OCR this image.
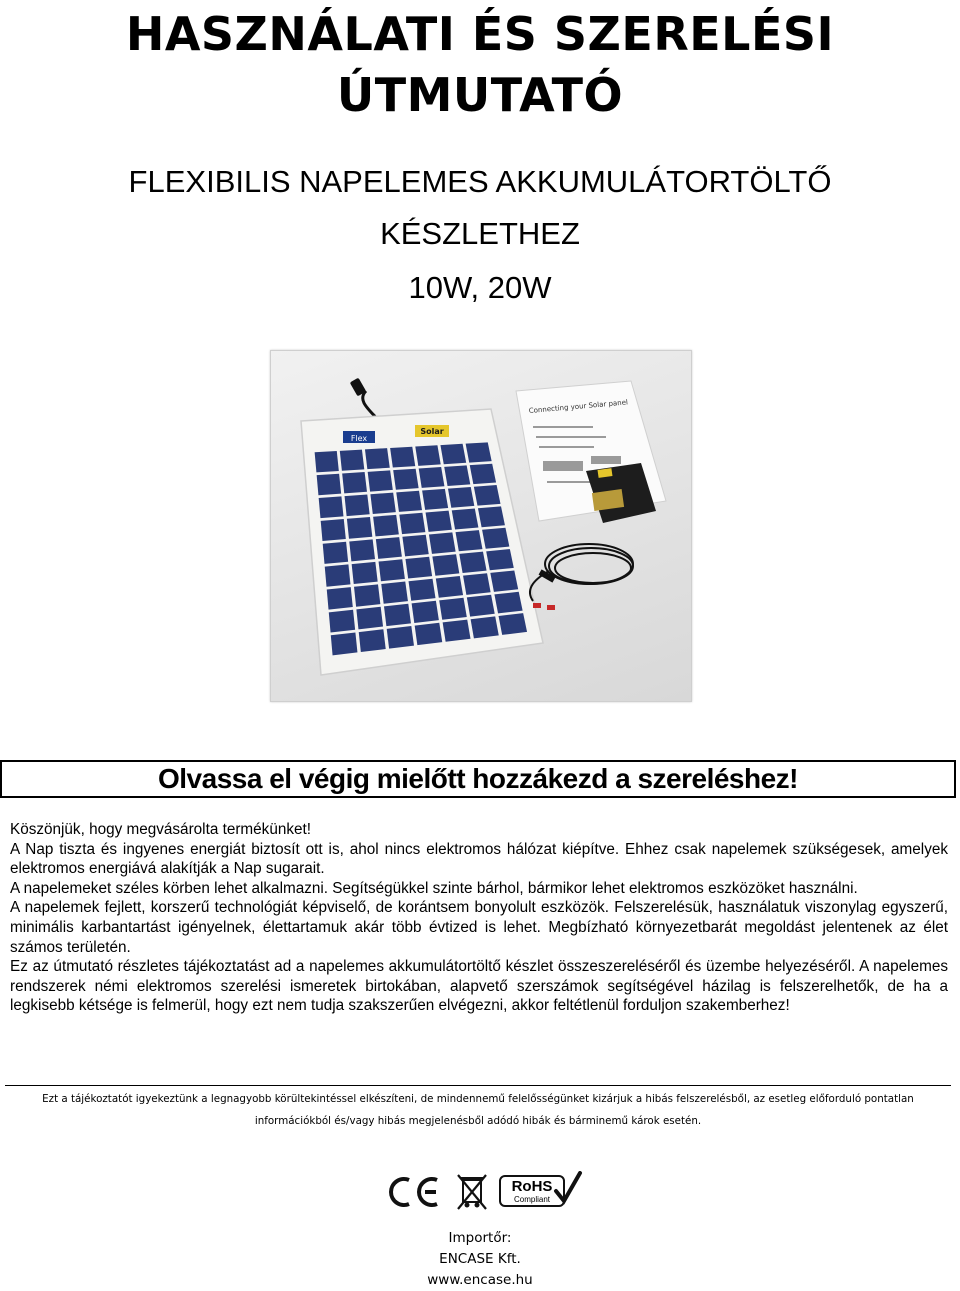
HASZNÁLATI ÉS SZERELÉSI
ÚTMUTATÓ
FLEXIBILIS NAPELEMES AKKUMULÁTORTÖLTŐ
KÉSZLETHEZ
10W, 20W
Flex
Solar
Connecting your Solar panel
Olvassa el végig mielőtt hozzákezd a szereléshez!

Köszönjük, hogy megvásárolta termékünket!

A Nap tiszta és ingyenes energiát biztosít ott is, ahol nincs elektromos hálózat kiépítve. Ehhez csak napelemek szükségesek, amelyek elektromos energiává alakítják a Nap sugarait.

A napelemeket széles körben lehet alkalmazni. Segítségükkel szinte bárhol, bármikor lehet elektromos eszközöket használni.

A napelemek fejlett, korszerű technológiát képviselő, de korántsem bonyolult eszközök. Felszerelésük, használatuk viszonylag egyszerű, minimális karbantartást igényelnek, élettartamuk akár több évtized is lehet. Megbízható környezetbarát megoldást jelentenek az élet számos területén.

Ez az útmutató részletes tájékoztatást ad a napelemes akkumulátortöltő készlet összeszereléséről és üzembe helyezéséről. A napelemes rendszerek némi elektromos szerelési ismeretek birtokában, alapvető szerszámok segítségével házilag is felszerelhetők, de ha a legkisebb kétsége is felmerül, hogy ezt nem tudja szakszerűen elvégezni, akkor feltétlenül forduljon szakemberhez!

Ezt a tájékoztatót igyekeztünk a legnagyobb körültekintéssel elkészíteni, de mindennemű felelősségünket kizárjuk a hibás felszerelésből, az esetleg előforduló pontatlan információkból és/vagy hibás megjelenésből adódó hibák és bárminemű károk esetén.
RoHS
Compliant
Importőr:
ENCASE Kft.
www.encase.hu
